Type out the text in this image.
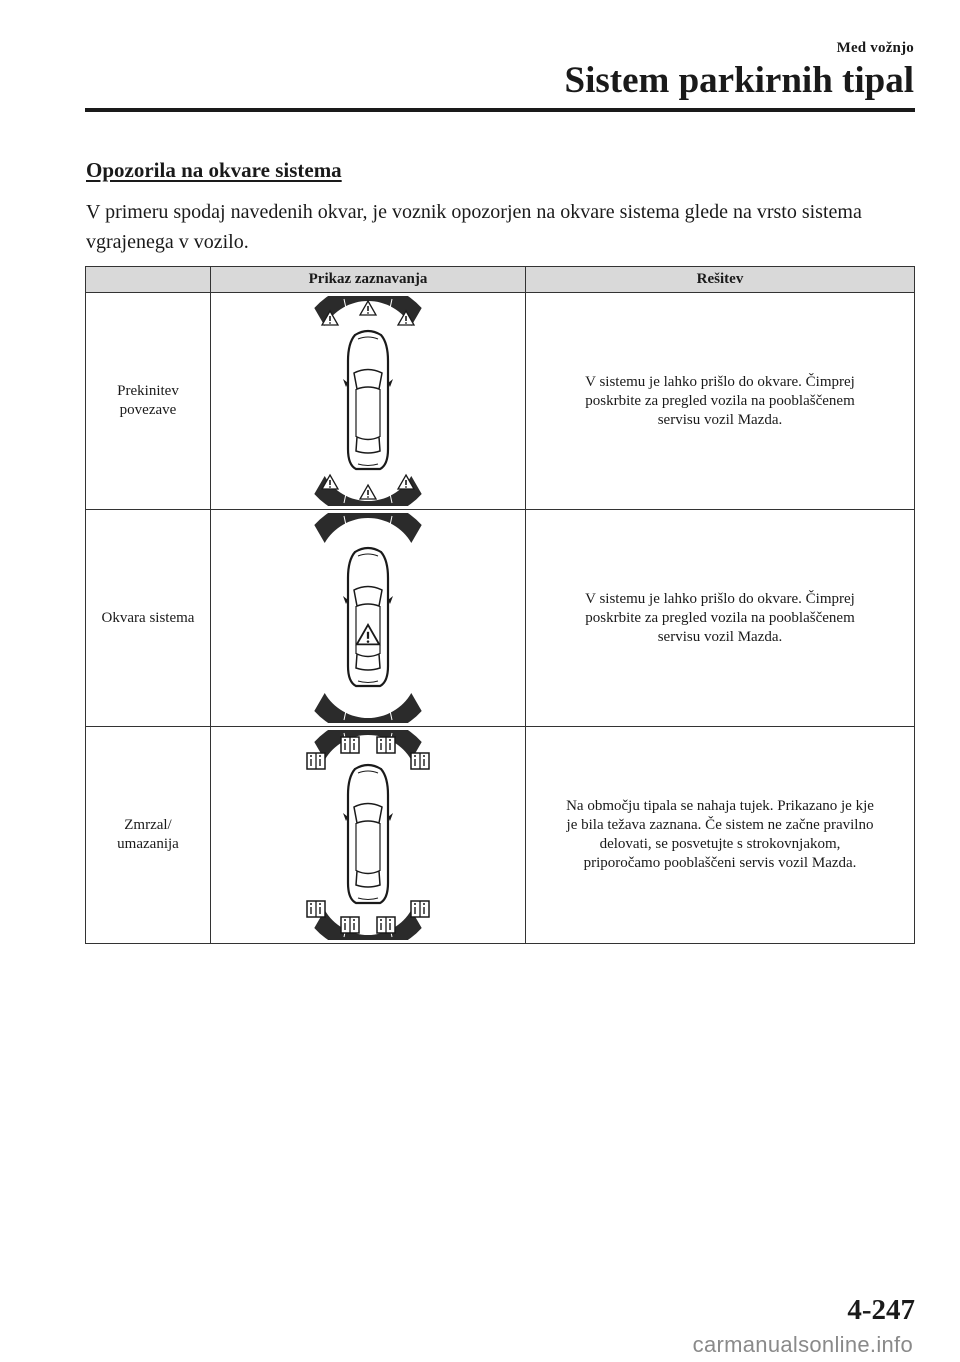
Med vožnjo
Sistem parkirnih tipal
Opozorila na okvare sistema

V primeru spodaj navedenih okvar, je voznik opozorjen na okvare sistema glede na vrsto sistema vgrajenega v vozilo.

	Prikaz zaznavanja	Rešitev

Prekinitev
povezave		V sistemu je lahko prišlo do okvare. Čimprej
poskrbite za pregled vozila na pooblaščenem
servisu vozil Mazda.

Okvara sistema		V sistemu je lahko prišlo do okvare. Čimprej
poskrbite za pregled vozila na pooblaščenem
servisu vozil Mazda.

Zmrzal/
umazanija		Na območju tipala se nahaja tujek. Prikazano je kje
je bila težava zaznana. Če sistem ne začne pravilno
delovati, se posvetujte s strokovnjakom,
priporočamo pooblaščeni servis vozil Mazda.
4-247
carmanualsonline.info
